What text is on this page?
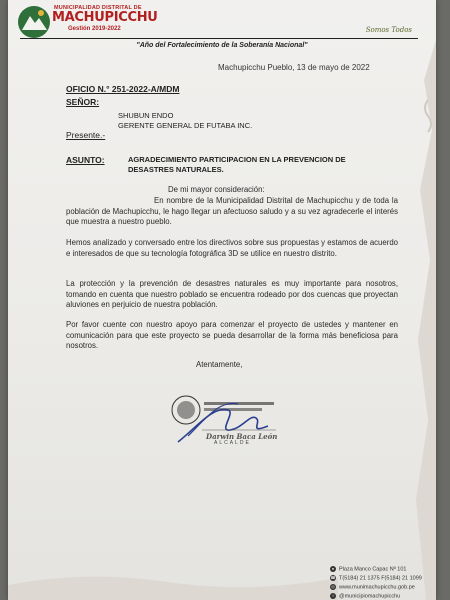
MUNICIPALIDAD DISTRITAL DE
MACHUPICCHU
Gestión 2019-2022	Somos Todos
"Año del Fortalecimiento de la Soberanía Nacional"
Machupicchu Pueblo, 13 de mayo de 2022
OFICIO N.° 251-2022-A/MDM
SEÑOR:
SHUBUN ENDO
GERENTE GENERAL DE FUTABA INC.
Presente.-
ASUNTO:	AGRADECIMIENTO PARTICIPACION EN LA PREVENCION DE DESASTRES NATURALES.
De mi mayor consideración:
En nombre de la Municipalidad Distrital de Machupicchu y de toda la población de Machupicchu, le hago llegar un afectuoso saludo y a su vez agradecerle el interés que muestra a nuestro pueblo.
Hemos analizado y conversado entre los directivos sobre sus propuestas y estamos de acuerdo e interesados de que su tecnología fotográfica 3D se utilice en nuestro distrito.
La protección y la prevención de desastres naturales es muy importante para nosotros, tomando en cuenta que nuestro poblado se encuentra rodeado por dos cuencas que proyectan aluviones en perjuicio de nuestra población.
Por favor cuente con nuestro apoyo para comenzar el proyecto de ustedes y mantener en comunicación para que este proyecto se pueda desarrollar de la forma más beneficiosa para nosotros.
Atentamente,
Darwin Baca León
ALCALDE
● Plaza Manco Capac Nº 101
☎ T(5184) 21 1375 F(5184) 21 1099
◎ www.munimachupicchu.gob.pe
f @municipiomachupicchu
